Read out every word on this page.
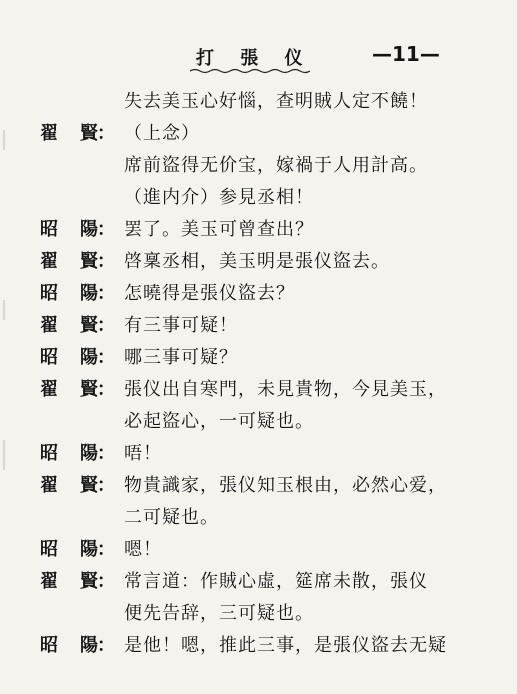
打 張 仪	—11—
失去美玉心好惱，查明賊人定不饒！
翟 賢 ： （上念）
席前盜得无价宝，嫁禍于人用計高。
（進内介）参見丞相！
昭 陽 ： 罢了。美玉可曾查出？
翟 賢 ： 啓稟丞相，美玉明是張仪盜去。
昭 陽 ： 怎曉得是張仪盜去？
翟 賢 ： 有三事可疑！
昭 陽 ： 哪三事可疑？
翟 賢 ： 張仪出自寒門，未見貴物，今見美玉，
必起盜心，一可疑也。
昭 陽 ： 唔！
翟 賢 ： 物貴識家，張仪知玉根由，必然心爱，
二可疑也。
昭 陽 ： 嗯！
翟 賢 ： 常言道：作賊心虛，筵席未散，張仪
便先告辞，三可疑也。
昭 陽 ： 是他！嗯，推此三事，是張仪盜去无疑
